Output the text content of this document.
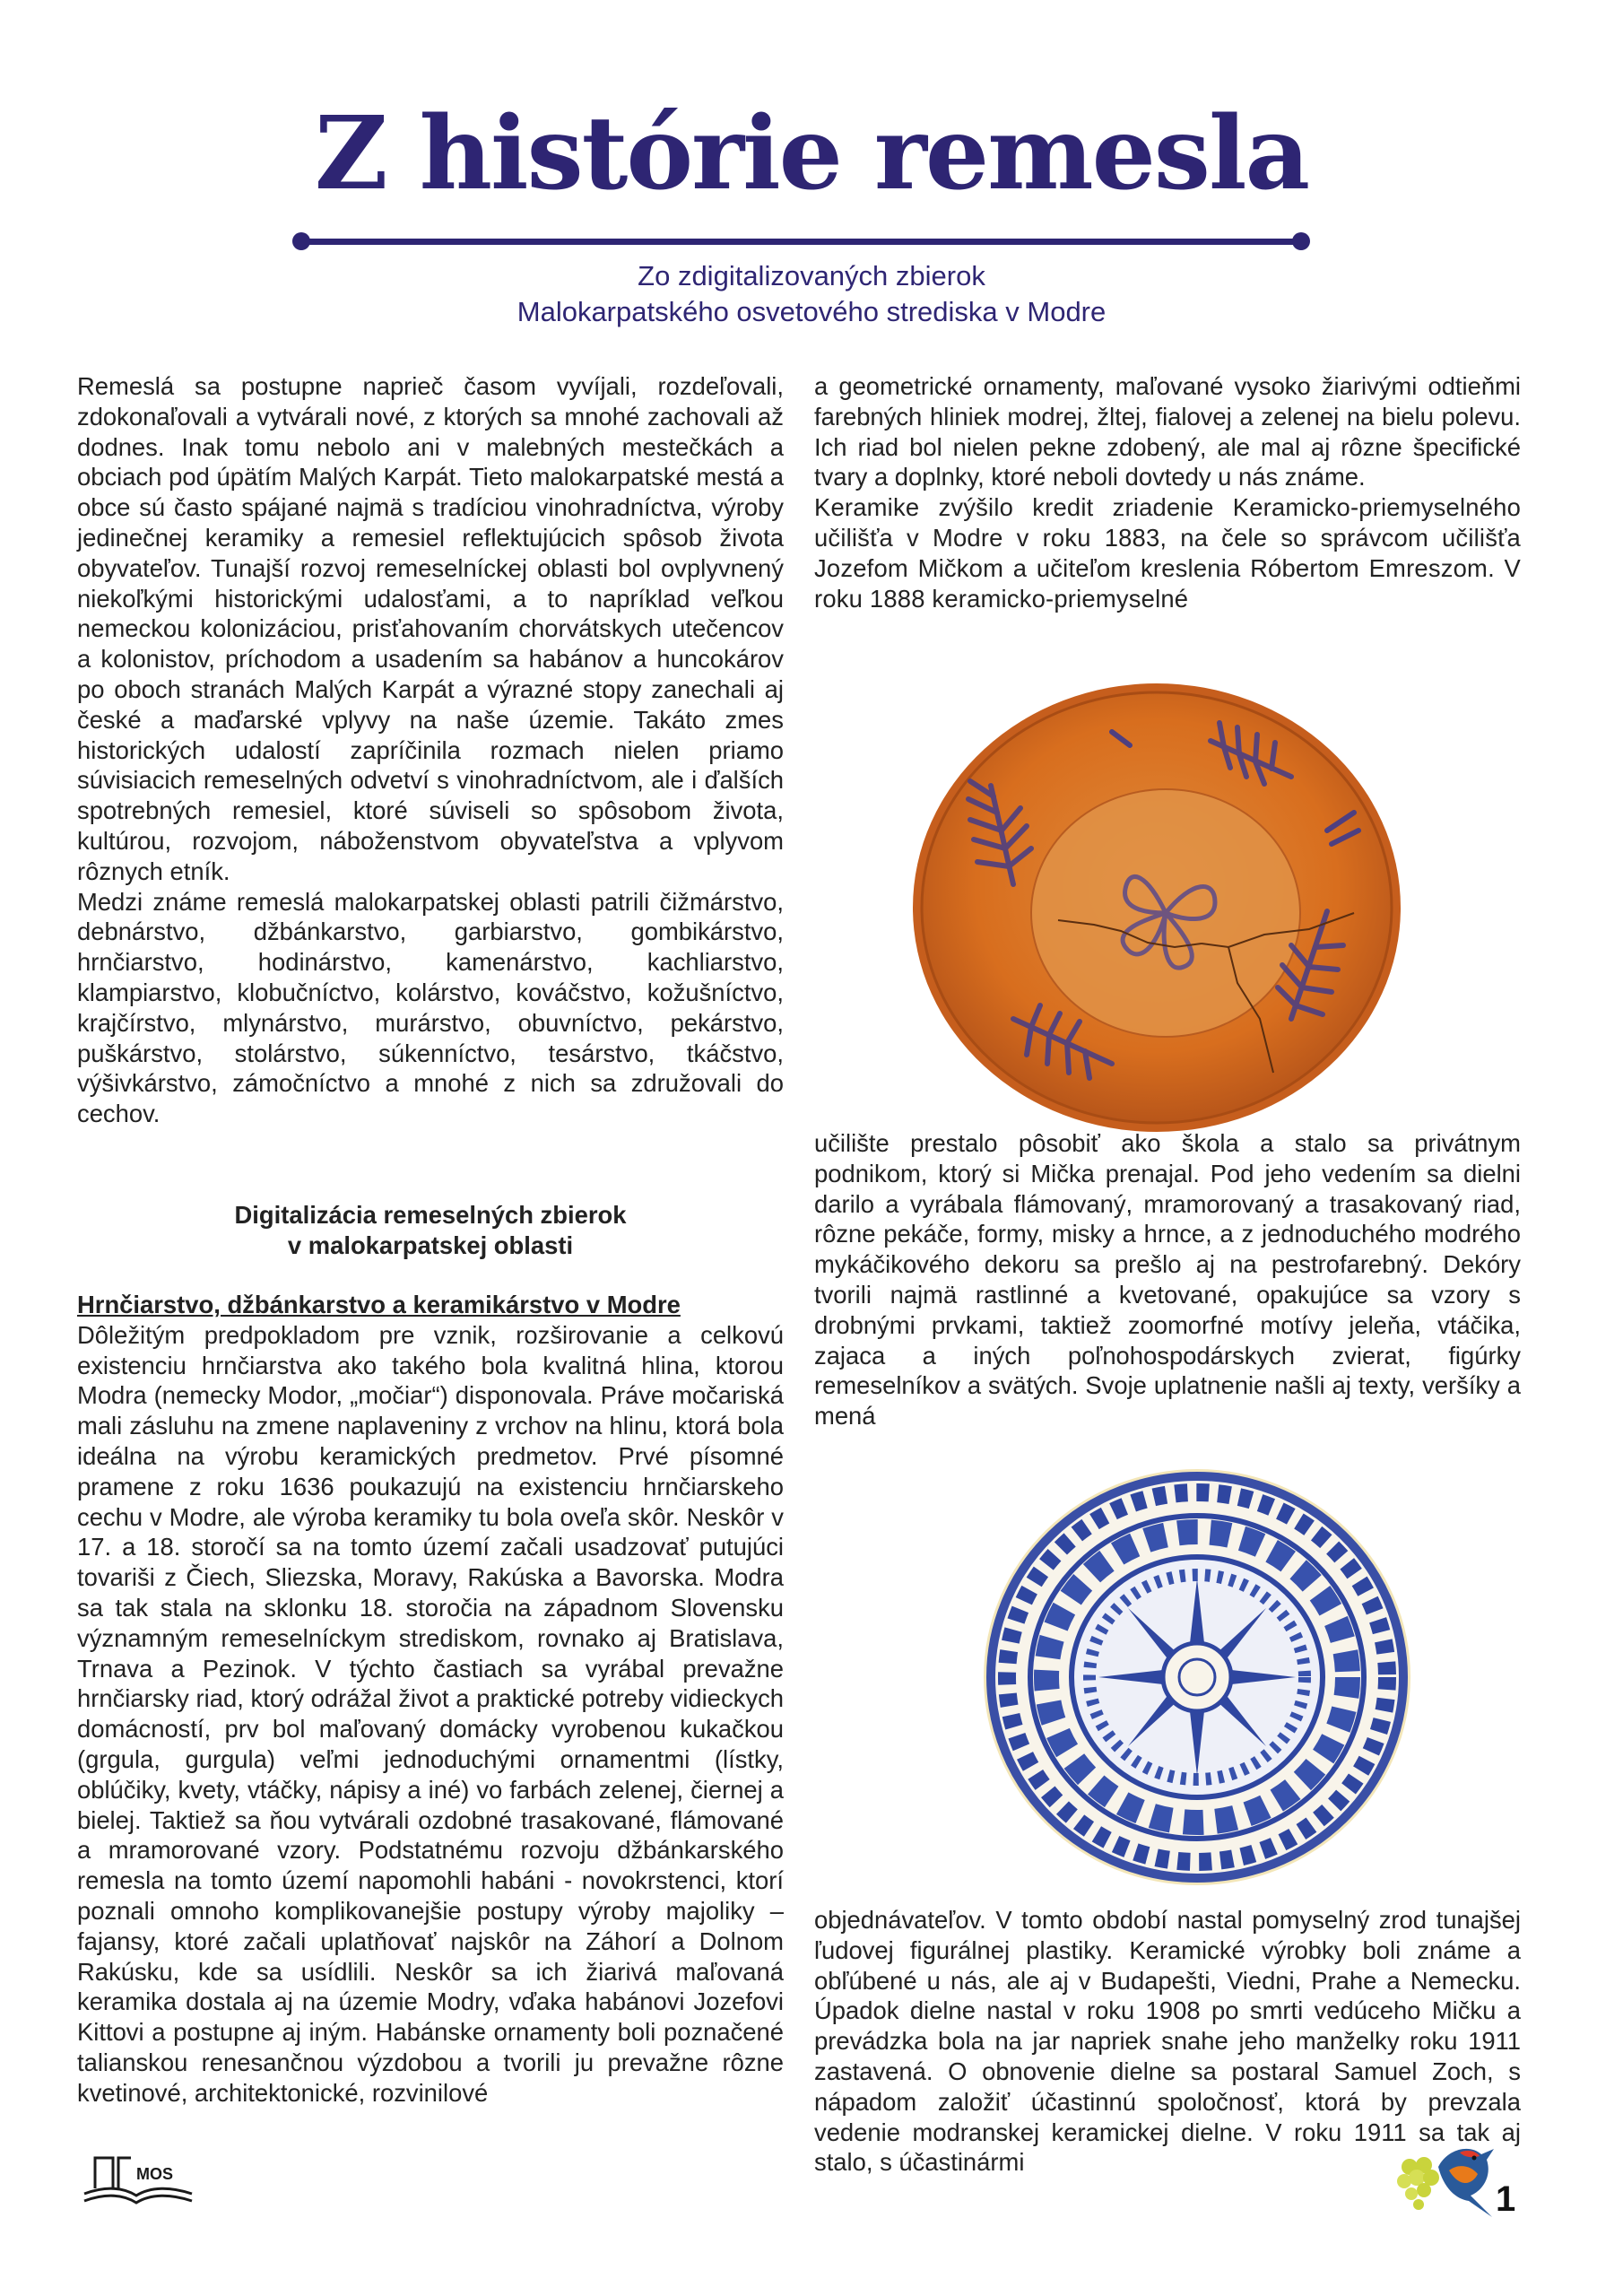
Z histórie remesla
Zo zdigitalizovaných zbierok
Malokarpatského osvetového strediska v Modre

Remeslá sa postupne naprieč časom vyvíjali, rozdeľovali, zdokonaľovali a vytvárali nové, z ktorých sa mnohé zachovali až dodnes. Inak tomu nebolo ani v malebných mestečkách a obciach pod úpätím Malých Karpát. Tieto malokarpatské mestá a obce sú často spájané najmä s tradíciou vinohradníctva, výroby jedinečnej keramiky a remesiel reflektujúcich spôsob života obyvateľov. Tunajší rozvoj remeselníckej oblasti bol ovplyvnený niekoľkými historickými udalosťami, a to napríklad veľkou nemeckou kolonizáciou, prisťahovaním chorvátskych utečencov a kolonistov, príchodom a usadením sa habánov a huncokárov po oboch stranách Malých Karpát a výrazné stopy zanechali aj české a maďarské vplyvy na naše územie. Takáto zmes historických udalostí zapríčinila rozmach nielen priamo súvisiacich remeselných odvetví s vinohradníctvom, ale i ďalších spotrebných remesiel, ktoré súviseli so spôsobom života, kultúrou, rozvojom, náboženstvom obyvateľstva a vplyvom rôznych etník.

Medzi známe remeslá malokarpatskej oblasti patrili čižmárstvo, debnárstvo, džbánkarstvo, garbiarstvo, gombikárstvo, hrnčiarstvo, hodinárstvo, kamenárstvo, kachliarstvo, klampiarstvo, klobučníctvo, kolárstvo, kováčstvo, kožušníctvo, krajčírstvo, mlynárstvo, murárstvo, obuvníctvo, pekárstvo, puškárstvo, stolárstvo, súkenníctvo, tesárstvo, tkáčstvo, výšivkárstvo, zámočníctvo a mnohé z nich sa združovali do cechov.

Digitalizácia remeselných zbierok
v malokarpatskej oblasti

Hrnčiarstvo, džbánkarstvo a keramikárstvo v Modre

Dôležitým predpokladom pre vznik, rozširovanie a celkovú existenciu hrnčiarstva ako takého bola kvalitná hlina, ktorou Modra (nemecky Modor, „močiar“) disponovala. Práve močariská mali zásluhu na zmene naplaveniny z vrchov na hlinu, ktorá bola ideálna na výrobu keramických predmetov. Prvé písomné pramene z roku 1636 poukazujú na existenciu hrnčiarskeho cechu v Modre, ale výroba keramiky tu bola oveľa skôr. Neskôr v 17. a 18. storočí sa na tomto území začali usadzovať putujúci tovariši z Čiech, Sliezska, Moravy, Rakúska a Bavorska. Modra sa tak stala na sklonku 18. storočia na západnom Slovensku významným remeselníckym strediskom, rovnako aj Bratislava, Trnava a Pezinok. V týchto častiach sa vyrábal prevažne hrnčiarsky riad, ktorý odrážal život a praktické potreby vidieckych domácností, prv bol maľovaný domácky vyrobenou kukačkou (grgula, gurgula) veľmi jednoduchými ornamentmi (lístky, oblúčiky, kvety, vtáčky, nápisy a iné) vo farbách zelenej, čiernej a bielej. Taktiež sa ňou vytvárali ozdobné trasakované, flámované a mramorované vzory. Podstatnému rozvoju džbánkarského remesla na tomto území napomohli habáni - novokrstenci, ktorí poznali omnoho komplikovanejšie postupy výroby majoliky – fajansy, ktoré začali uplatňovať najskôr na Záhorí a Dolnom Rakúsku, kde sa usídlili. Neskôr sa ich žiarivá maľovaná keramika dostala aj na územie Modry, vďaka habánovi Jozefovi Kittovi a postupne aj iným. Habánske ornamenty boli poznačené talianskou renesančnou výzdobou a tvorili ju prevažne rôzne kvetinové, architektonické, rozvinilové

a geometrické ornamenty, maľované vysoko žiarivými odtieňmi farebných hliniek modrej, žltej, fialovej a zelenej na bielu polevu. Ich riad bol nielen pekne zdobený, ale mal aj rôzne špecifické tvary a doplnky, ktoré neboli dovtedy u nás známe.

Keramike zvýšilo kredit zriadenie Keramicko-priemyselného učilišťa v Modre v roku 1883, na čele so správcom učilišťa Jozefom Mičkom a učiteľom kreslenia Róbertom Emreszom. V roku 1888 keramicko-priemyselné

učilište prestalo pôsobiť ako škola a stalo sa privátnym podnikom, ktorý si Mička prenajal. Pod jeho vedením sa dielni darilo a vyrábala flámovaný, mramorovaný a trasakovaný riad, rôzne pekáče, formy, misky a hrnce, a z jednoduchého modrého mykáčikového dekoru sa prešlo aj na pestrofarebný. Dekóry tvorili najmä rastlinné a kvetované, opakujúce sa vzory s drobnými prvkami, taktiež zoomorfné motívy jeleňa, vtáčika, zajaca a iných poľnohospodárskych zvierat, figúrky remeselníkov a svätých. Svoje uplatnenie našli aj texty, veršíky a mená

objednávateľov. V tomto období nastal pomyselný zrod tunajšej ľudovej figurálnej plastiky. Keramické výrobky boli známe a obľúbené u nás, ale aj v Budapešti, Viedni, Prahe a Nemecku. Úpadok dielne nastal v roku 1908 po smrti vedúceho Mičku a prevádzka bola na jar napriek snahe jeho manželky roku 1911 zastavená. O obnovenie dielne sa postaral Samuel Zoch, s nápadom založiť účastinnú spoločnosť, ktorá by prevzala vedenie modranskej keramickej dielne. V roku 1911 sa tak aj stalo, s účastinármi

MOS
1
